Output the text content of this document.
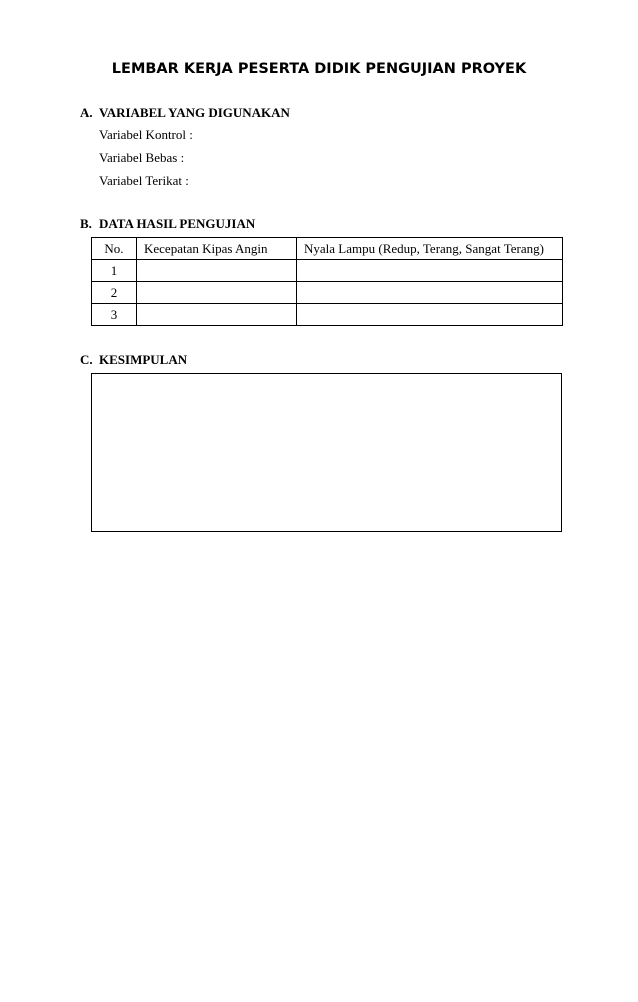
LEMBAR KERJA PESERTA DIDIK PENGUJIAN PROYEK
A. VARIABEL YANG DIGUNAKAN
Variabel Kontrol :
Variabel Bebas :
Variabel Terikat :
B. DATA HASIL PENGUJIAN
No.	Kecepatan Kipas Angin	Nyala Lampu (Redup, Terang, Sangat Terang)
1		
2		
3		
C. KESIMPULAN
